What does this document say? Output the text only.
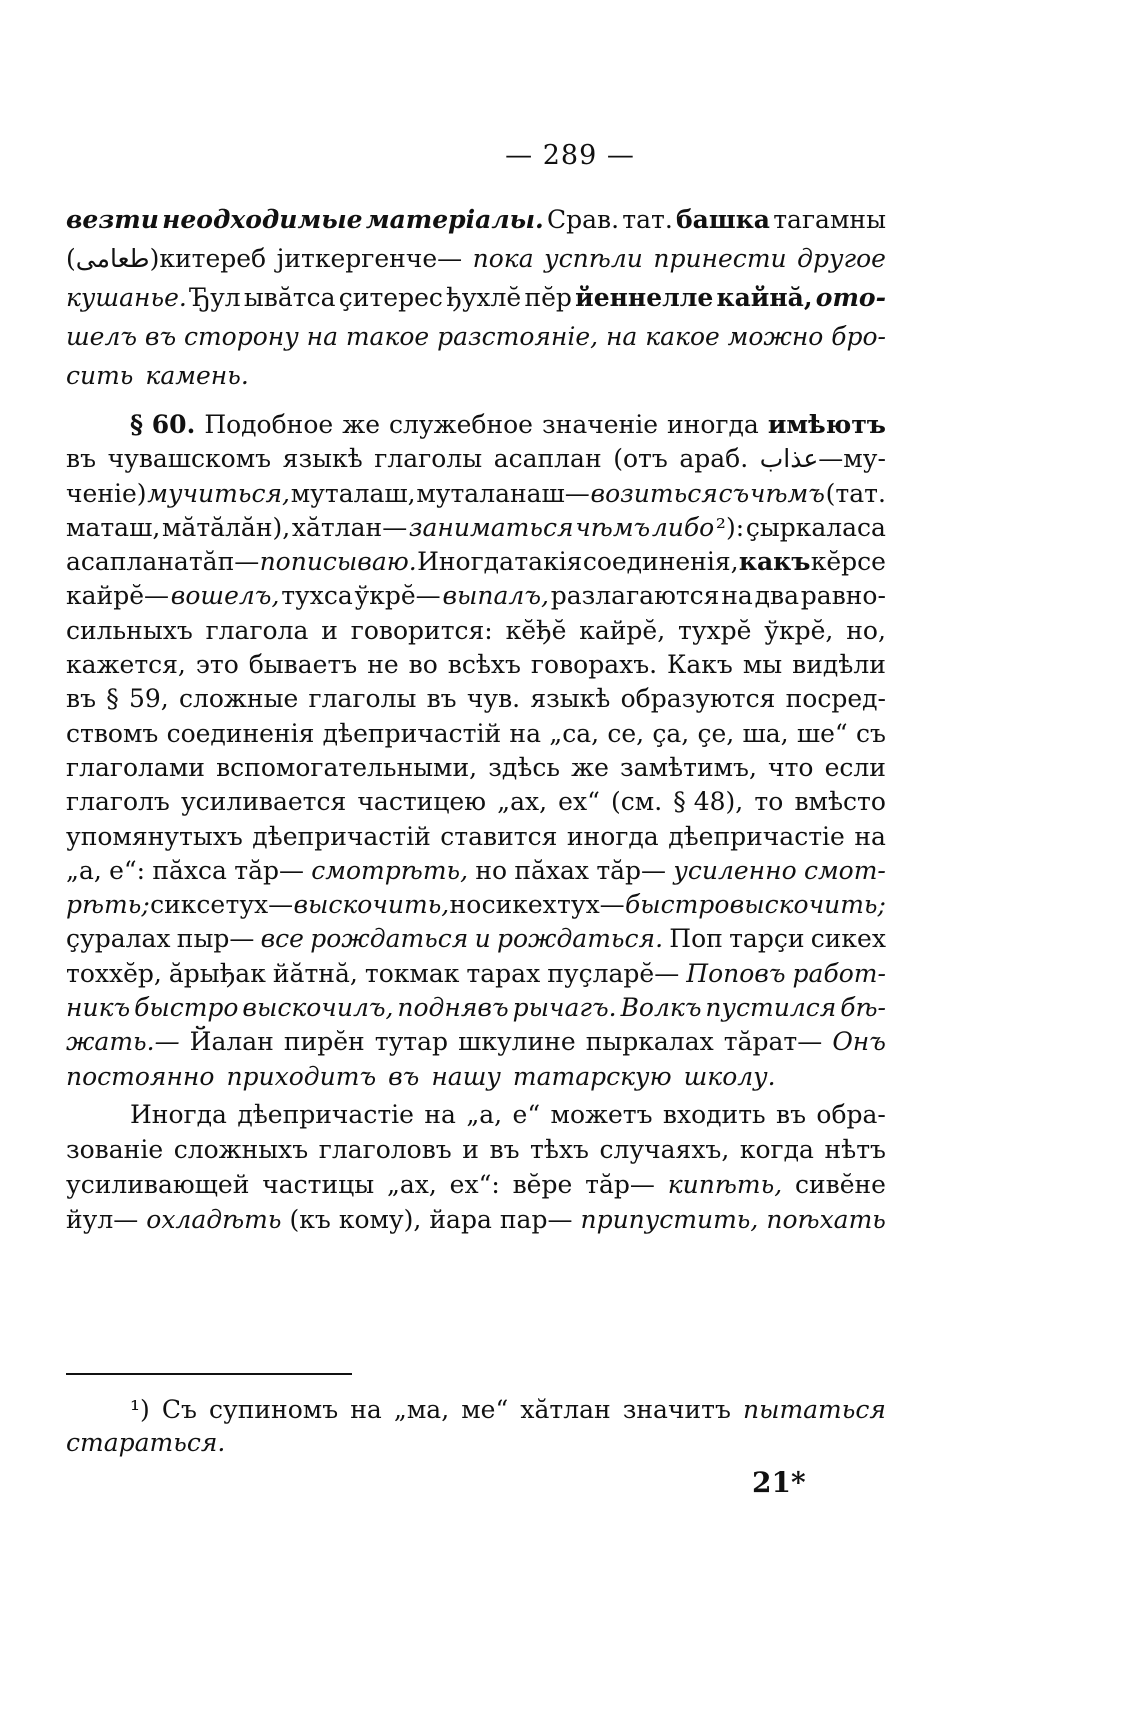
— 289 —
везти неодходимые матеріалы. Срав. тат. башка тагамны
(طعامی)китереб jиткергенче— пока успѣли принести другое
кушанье. Ђул ывӑтса ҫитерес ђухлӗ пӗр йеннелле кайнӑ, ото-
шелъ въ сторону на такое разстояніе, на какое можно бро-
сить камень.
§ 60. Подобное же служебное значеніе иногда имѣютъ
въ чувашскомъ языкѣ глаголы асаплан (отъ араб. عذاب—му-
ченіе) мучиться, муталаш, муталанаш— возиться съ чѣмъ (тат.
маташ, мӑтӑлӑн), хӑтлан— заниматься чѣмъ либо ²): ҫыркаласа
асапланатӑп— пописываю. Иногда такія соединенія, какъ кӗрсе
кайрӗ— вошелъ, тухса ўкрӗ— выпалъ, разлагаются на два равно-
сильныхъ глагола и говорится: кӗђӗ кайрӗ, тухрӗ ўкрӗ, но,
кажется, это бываетъ не во всѣхъ говорахъ. Какъ мы видѣли
въ § 59, сложные глаголы въ чув. языкѣ образуются посред-
ствомъ соединенія дѣепричастій на „са, се, ҫа, ҫе, ша, ше“ съ
глаголами вспомогательными, здѣсь же замѣтимъ, что если
глаголъ усиливается частицею „ах, ех“ (см. § 48), то вмѣсто
упомянутыхъ дѣепричастій ставится иногда дѣепричастіе на
„а, е“: пӑхса тӑр— смотрѣть, но пӑхах тӑр— усиленно смот-
рѣть; сиксе тух— выскочить, но сикех тух— быстро выскочить;
ҫуралах пыр— все рождаться и рождаться. Поп тарҫи сикех
тоххӗр, ӑрыђак йӑтнӑ, токмак тарах пуҫларӗ— Поповъ работ-
никъ быстро выскочилъ, поднявъ рычагъ. Волкъ пустился бѣ-
жать.— Йалан пирӗн тутар шкулине пыркалах тӑрат— Онъ
постоянно приходитъ въ нашу татарскую школу.
Иногда дѣепричастіе на „а, е“ можетъ входить въ обра-
зованіе сложныхъ глаголовъ и въ тѣхъ случаяхъ, когда нѣтъ
усиливающей частицы „ах, ех“: вӗре тӑр— кипѣть, сивӗне
йул— охладѣть (къ кому), йара пар— припустить, поѣхать
¹) Съ супиномъ на „ма, ме“ хӑтлан значитъ пытаться
стараться.
21*
